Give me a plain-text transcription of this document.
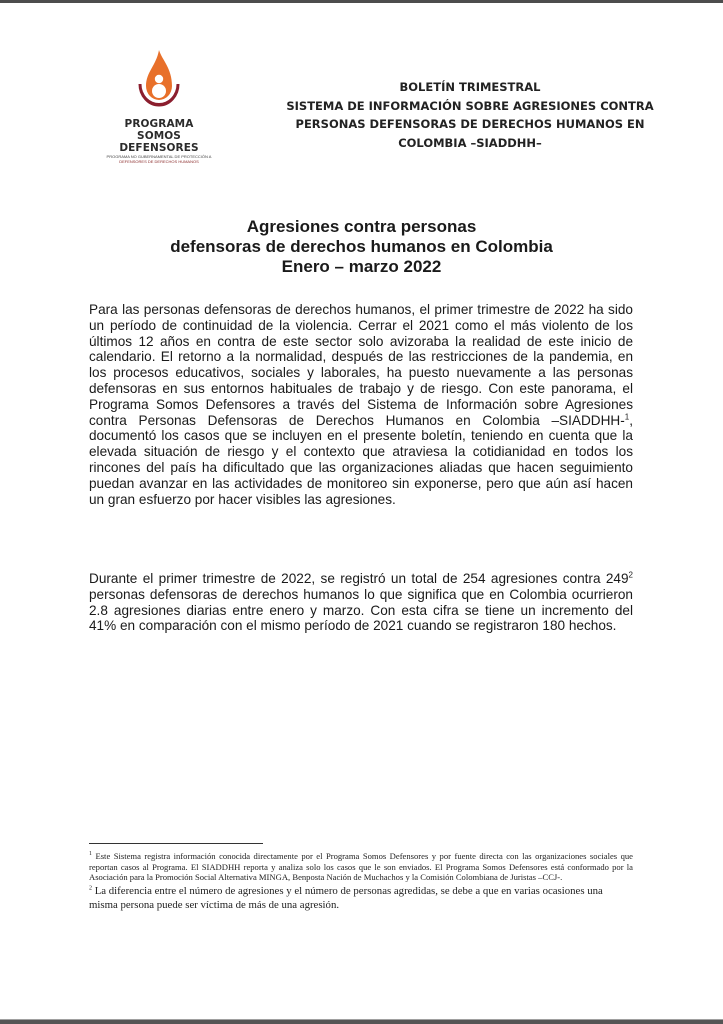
PROGRAMA
SOMOS DEFENSORES
PROGRAMA NO GUBERNAMENTAL DE PROTECCIÓN A
DEFENSORES DE DERECHOS HUMANOS
BOLETÍN TRIMESTRAL
SISTEMA DE INFORMACIÓN SOBRE AGRESIONES CONTRA
PERSONAS DEFENSORAS DE DERECHOS HUMANOS EN
COLOMBIA –SIADDHH–
Agresiones contra personas
defensoras de derechos humanos en Colombia
Enero – marzo 2022

Para las personas defensoras de derechos humanos, el primer trimestre de 2022 ha sido un período de continuidad de la violencia. Cerrar el 2021 como el más violento de los últimos 12 años en contra de este sector solo avizoraba la realidad de este inicio de calendario. El retorno a la normalidad, después de las restricciones de la pandemia, en los procesos educativos, sociales y laborales, ha puesto nuevamente a las personas defensoras en sus entornos habituales de trabajo y de riesgo. Con este panorama, el Programa Somos Defensores a través del Sistema de Información sobre Agresiones contra Personas Defensoras de Derechos Humanos en Colombia –SIADDHH-$^1$, documentó los casos que se incluyen en el presente boletín, teniendo en cuenta que la elevada situación de riesgo y el contexto que atraviesa la cotidianidad en todos los rincones del país ha dificultado que las organizaciones aliadas que hacen seguimiento puedan avanzar en las actividades de monitoreo sin exponerse, pero que aún así hacen un gran esfuerzo por hacer visibles las agresiones.

Durante el primer trimestre de 2022, se registró un total de 254 agresiones contra $249^2$ personas defensoras de derechos humanos lo que significa que en Colombia ocurrieron 2.8 agresiones diarias entre enero y marzo. Con esta cifra se tiene un incremento del 41% en comparación con el mismo período de 2021 cuando se registraron 180 hechos.

$^1$ Este Sistema registra información conocida directamente por el Programa Somos Defensores y por fuente directa con las organizaciones sociales que reportan casos al Programa. El SIADDHH reporta y analiza solo los casos que le son enviados. El Programa Somos Defensores está conformado por la Asociación para la Promoción Social Alternativa MINGA, Benposta Nación de Muchachos y la Comisión Colombiana de Juristas –CCJ-.
$^2$ La diferencia entre el número de agresiones y el número de personas agredidas, se debe a que en varias ocasiones una misma persona puede ser víctima de más de una agresión.
